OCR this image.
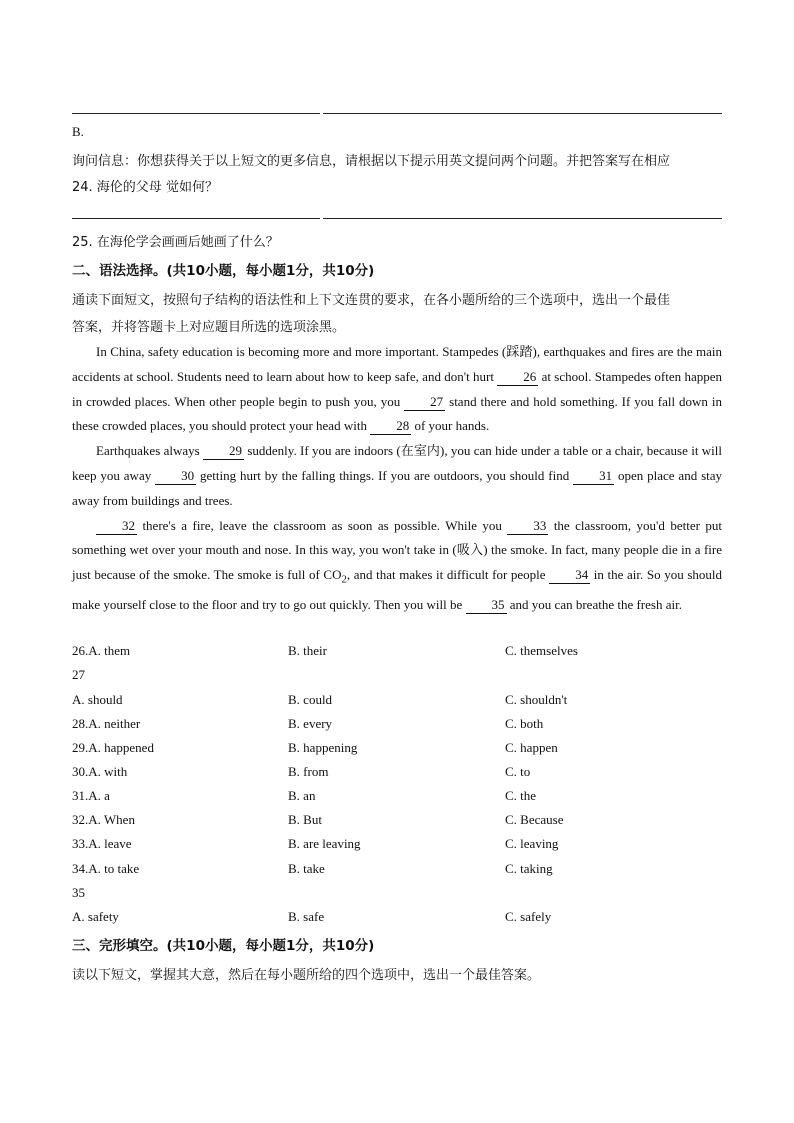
B.
询问信息：你想获得关于以上短文的更多信息，请根据以下提示用英文提问两个问题。并把答案写在相应
24. 海伦的父母 觉如何？
25. 在海伦学会画画后她画了什么？
二、语法选择。(共10小题，每小题1分，共10分)
通读下面短文，按照句子结构的语法性和上下文连贯的要求，在各小题所给的三个选项中，选出一个最佳
答案，并将答题卡上对应题目所选的选项涂黑。

In China, safety education is becoming more and more important. Stampedes (踩踏), earthquakes and fires are the main accidents at school. Students need to learn about how to keep safe, and don't hurt 26 at school. Stampedes often happen in crowded places. When other people begin to push you, you 27 stand there and hold something. If you fall down in these crowded places, you should protect your head with 28 of your hands.

Earthquakes always 29 suddenly. If you are indoors (在室内), you can hide under a table or a chair, because it will keep you away 30 getting hurt by the falling things. If you are outdoors, you should find 31 open place and stay away from buildings and trees.

32 there's a fire, leave the classroom as soon as possible. While you 33 the classroom, you'd better put something wet over your mouth and nose. In this way, you won't take in (吸入) the smoke. In fact, many people die in a fire just because of the smoke. The smoke is full of $CO_2$, and that makes it difficult for people 34 in the air. So you should make yourself close to the floor and try to go out quickly. Then you will be 35 and you can breathe the fresh air.

26.A. them	B. their	C. themselves
27
A. should	B. could	C. shouldn't
28.A. neither	B. every	C. both
29.A. happened	B. happening	C. happen
30.A. with	B. from	C. to
31.A. a	B. an	C. the
32.A. When	B. But	C. Because
33.A. leave	B. are leaving	C. leaving
34.A. to take	B. take	C. taking
35
A. safety	B. safe	C. safely
三、完形填空。(共10小题，每小题1分，共10分)
读以下短文，掌握其大意，然后在每小题所给的四个选项中，选出一个最佳答案。
